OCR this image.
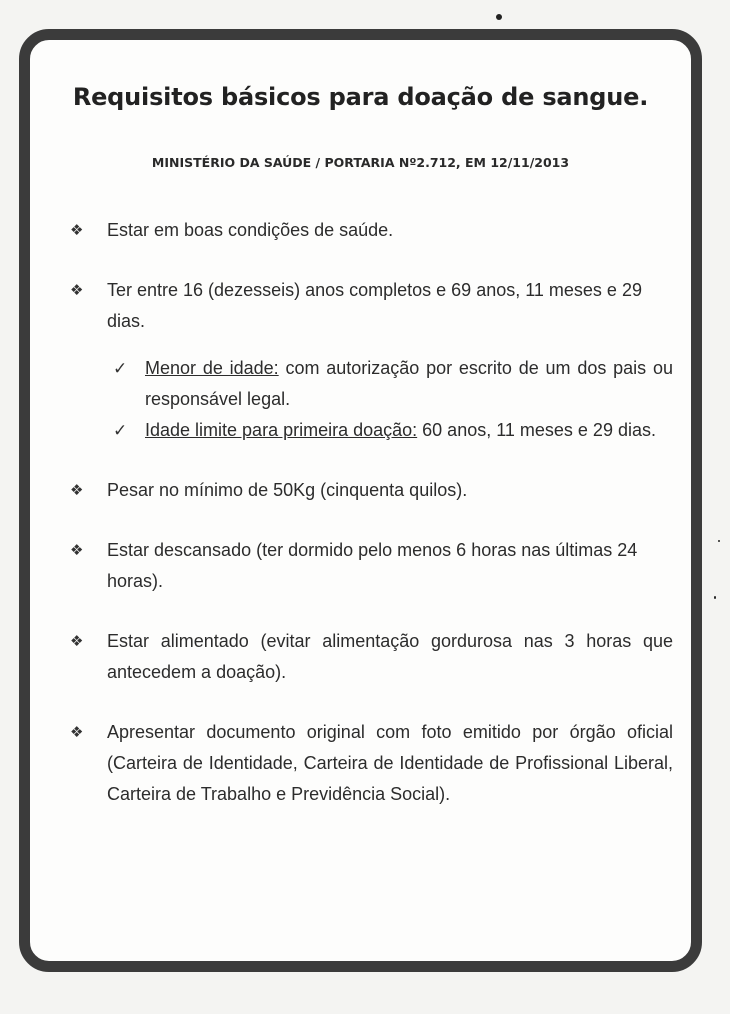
Requisitos básicos para doação de sangue.
MINISTÉRIO DA SAÚDE / PORTARIA Nº2.712, EM 12/11/2013
❖ Estar em boas condições de saúde.
❖ Ter entre 16 (dezesseis) anos completos e 69 anos, 11 meses e 29 dias.
✓ Menor de idade: com autorização por escrito de um dos pais ou responsável legal.
✓ Idade limite para primeira doação: 60 anos, 11 meses e 29 dias.
❖ Pesar no mínimo de 50Kg (cinquenta quilos).
❖ Estar descansado (ter dormido pelo menos 6 horas nas últimas 24 horas).
❖ Estar alimentado (evitar alimentação gordurosa nas 3 horas que antecedem a doação).
❖ Apresentar documento original com foto emitido por órgão oficial (Carteira de Identidade, Carteira de Identidade de Profissional Liberal, Carteira de Trabalho e Previdência Social).
